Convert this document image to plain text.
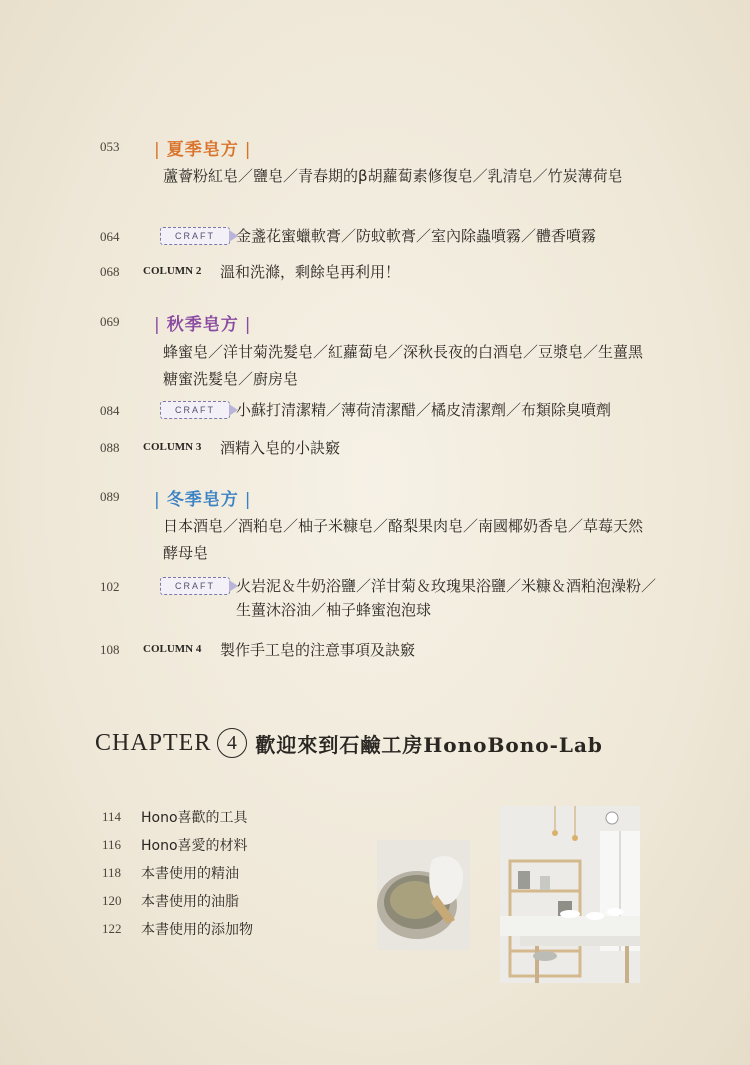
053	| 夏季皂方 |
蘆薈粉紅皂／鹽皂／青春期的β胡蘿蔔素修復皂／乳清皂／竹炭薄荷皂
064	CRAFT	金盞花蜜蠟軟膏／防蚊軟膏／室內除蟲噴霧／體香噴霧
068	COLUMN 2 溫和洗滌，剩餘皂再利用！
069	| 秋季皂方 |
蜂蜜皂／洋甘菊洗髮皂／紅蘿蔔皂／深秋長夜的白酒皂／豆漿皂／生薑黑糖蜜洗髮皂／廚房皂
084	CRAFT	小蘇打清潔精／薄荷清潔醋／橘皮清潔劑／布類除臭噴劑
088	COLUMN 3 酒精入皂的小訣竅
089	| 冬季皂方 |
日本酒皂／酒粕皂／柚子米糠皂／酪梨果肉皂／南國椰奶香皂／草莓天然酵母皂
102	CRAFT	火岩泥＆牛奶浴鹽／洋甘菊＆玫瑰果浴鹽／米糠＆酒粕泡澡粉／生薑沐浴油／柚子蜂蜜泡泡球
108	COLUMN 4 製作手工皂的注意事項及訣竅
CHAPTER 4 歡迎來到石鹼工房HonoBono-Lab
114 Hono喜歡的工具
116 Hono喜愛的材料
118 本書使用的精油
120 本書使用的油脂
122 本書使用的添加物
